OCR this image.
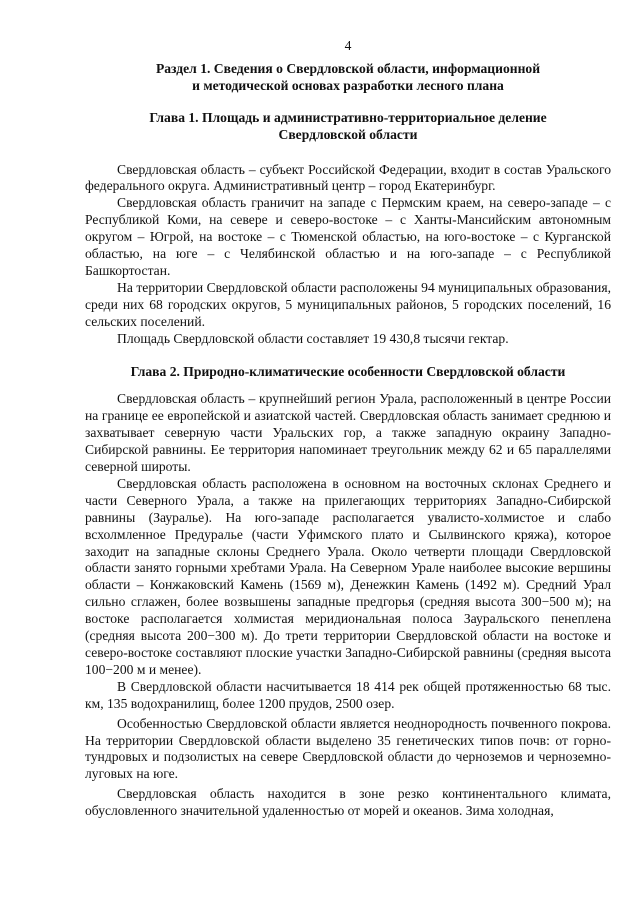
4
Раздел 1. Сведения о Свердловской области, информационной
и методической основах разработки лесного плана
Глава 1. Площадь и административно-территориальное деление
Свердловской области

Свердловская область – субъект Российской Федерации, входит в состав Уральского федерального округа. Административный центр – город Екатеринбург.

Свердловская область граничит на западе с Пермским краем, на северо-западе – с Республикой Коми, на севере и северо-востоке – с Ханты-Мансийским автономным округом – Югрой, на востоке – с Тюменской областью, на юго-востоке – с Курганской областью, на юге – с Челябинской областью и на юго-западе – с Республикой Башкортостан.

На территории Свердловской области расположены 94 муниципальных образования, среди них 68 городских округов, 5 муниципальных районов, 5 городских поселений, 16 сельских поселений.

Площадь Свердловской области составляет 19 430,8 тысячи гектар.

Глава 2. Природно-климатические особенности Свердловской области

Свердловская область – крупнейший регион Урала, расположенный в центре России на границе ее европейской и азиатской частей. Свердловская область занимает среднюю и захватывает северную части Уральских гор, а также западную окраину Западно-Сибирской равнины. Ее территория напоминает треугольник между 62 и 65 параллелями северной широты.

Свердловская область расположена в основном на восточных склонах Среднего и части Северного Урала, а также на прилегающих территориях Западно-Сибирской равнины (Зауралье). На юго-западе располагается увалисто-холмистое и слабо всхолмленное Предуралье (части Уфимского плато и Сылвинского кряжа), которое заходит на западные склоны Среднего Урала. Около четверти площади Свердловской области занято горными хребтами Урала. На Северном Урале наиболее высокие вершины области – Конжаковский Камень (1569 м), Денежкин Камень (1492 м). Средний Урал сильно сглажен, более возвышены западные предгорья (средняя высота 300−500 м); на востоке располагается холмистая меридиональная полоса Зауральского пенеплена (средняя высота 200−300 м). До трети территории Свердловской области на востоке и северо-востоке составляют плоские участки Западно-Сибирской равнины (средняя высота 100−200 м и менее).

В Свердловской области насчитывается 18 414 рек общей протяженностью 68 тыс. км, 135 водохранилищ, более 1200 прудов, 2500 озер.

Особенностью Свердловской области является неоднородность почвенного покрова. На территории Свердловской области выделено 35 генетических типов почв: от горно-тундровых и подзолистых на севере Свердловской области до черноземов и черноземно-луговых на юге.

Свердловская область находится в зоне резко континентального климата, обусловленного значительной удаленностью от морей и океанов. Зима холодная,
